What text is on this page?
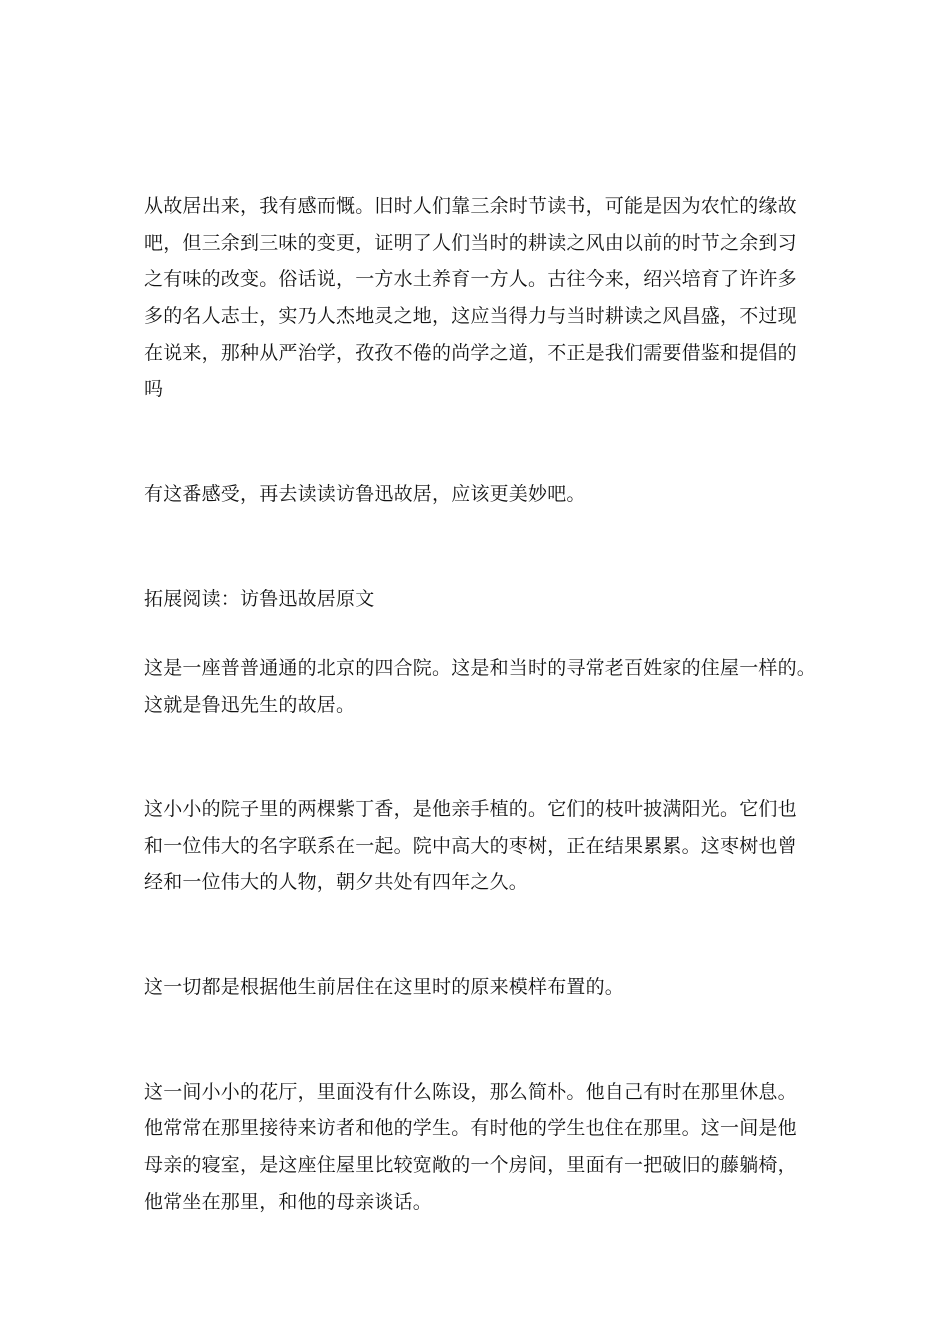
从故居出来，我有感而慨。旧时人们靠三余时节读书，可能是因为农忙的缘故

吧，但三余到三味的变更，证明了人们当时的耕读之风由以前的时节之余到习

之有味的改变。俗话说，一方水土养育一方人。古往今来，绍兴培育了许许多

多的名人志士，实乃人杰地灵之地，这应当得力与当时耕读之风昌盛，不过现

在说来，那种从严治学，孜孜不倦的尚学之道，不正是我们需要借鉴和提倡的

吗

有这番感受，再去读读访鲁迅故居，应该更美妙吧。

拓展阅读：访鲁迅故居原文

这是一座普普通通的北京的四合院。这是和当时的寻常老百姓家的住屋一样的。

这就是鲁迅先生的故居。

这小小的院子里的两棵紫丁香，是他亲手植的。它们的枝叶披满阳光。它们也

和一位伟大的名字联系在一起。院中高大的枣树，正在结果累累。这枣树也曾

经和一位伟大的人物，朝夕共处有四年之久。

这一切都是根据他生前居住在这里时的原来模样布置的。

这一间小小的花厅，里面没有什么陈设，那么简朴。他自己有时在那里休息。

他常常在那里接待来访者和他的学生。有时他的学生也住在那里。这一间是他

母亲的寝室，是这座住屋里比较宽敞的一个房间，里面有一把破旧的藤躺椅，

他常坐在那里，和他的母亲谈话。
